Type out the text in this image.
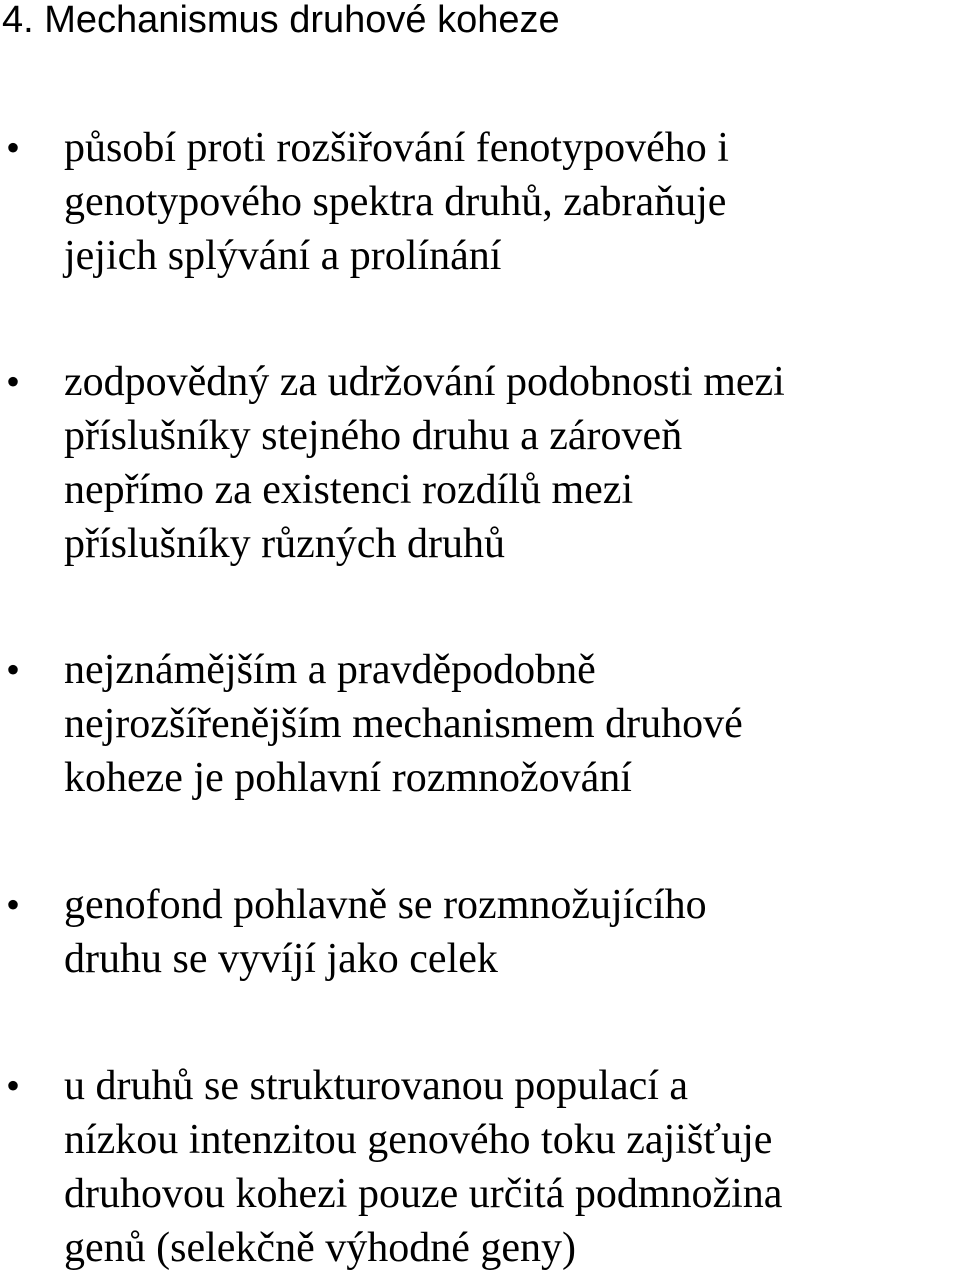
4. Mechanismus druhové koheze
• působí proti rozšiřování fenotypového i
genotypového spektra druhů, zabraňuje
jejich splývání a prolínání
• zodpovědný za udržování podobnosti mezi
příslušníky stejného druhu a zároveň
nepřímo za existenci rozdílů mezi
příslušníky různých druhů
• nejznámějším a pravděpodobně
nejrozšířenějším mechanismem druhové
koheze je pohlavní rozmnožování
• genofond pohlavně se rozmnožujícího
druhu se vyvíjí jako celek
• u druhů se strukturovanou populací a
nízkou intenzitou genového toku zajišťuje
druhovou kohezi pouze určitá podmnožina
genů (selekčně výhodné geny)
